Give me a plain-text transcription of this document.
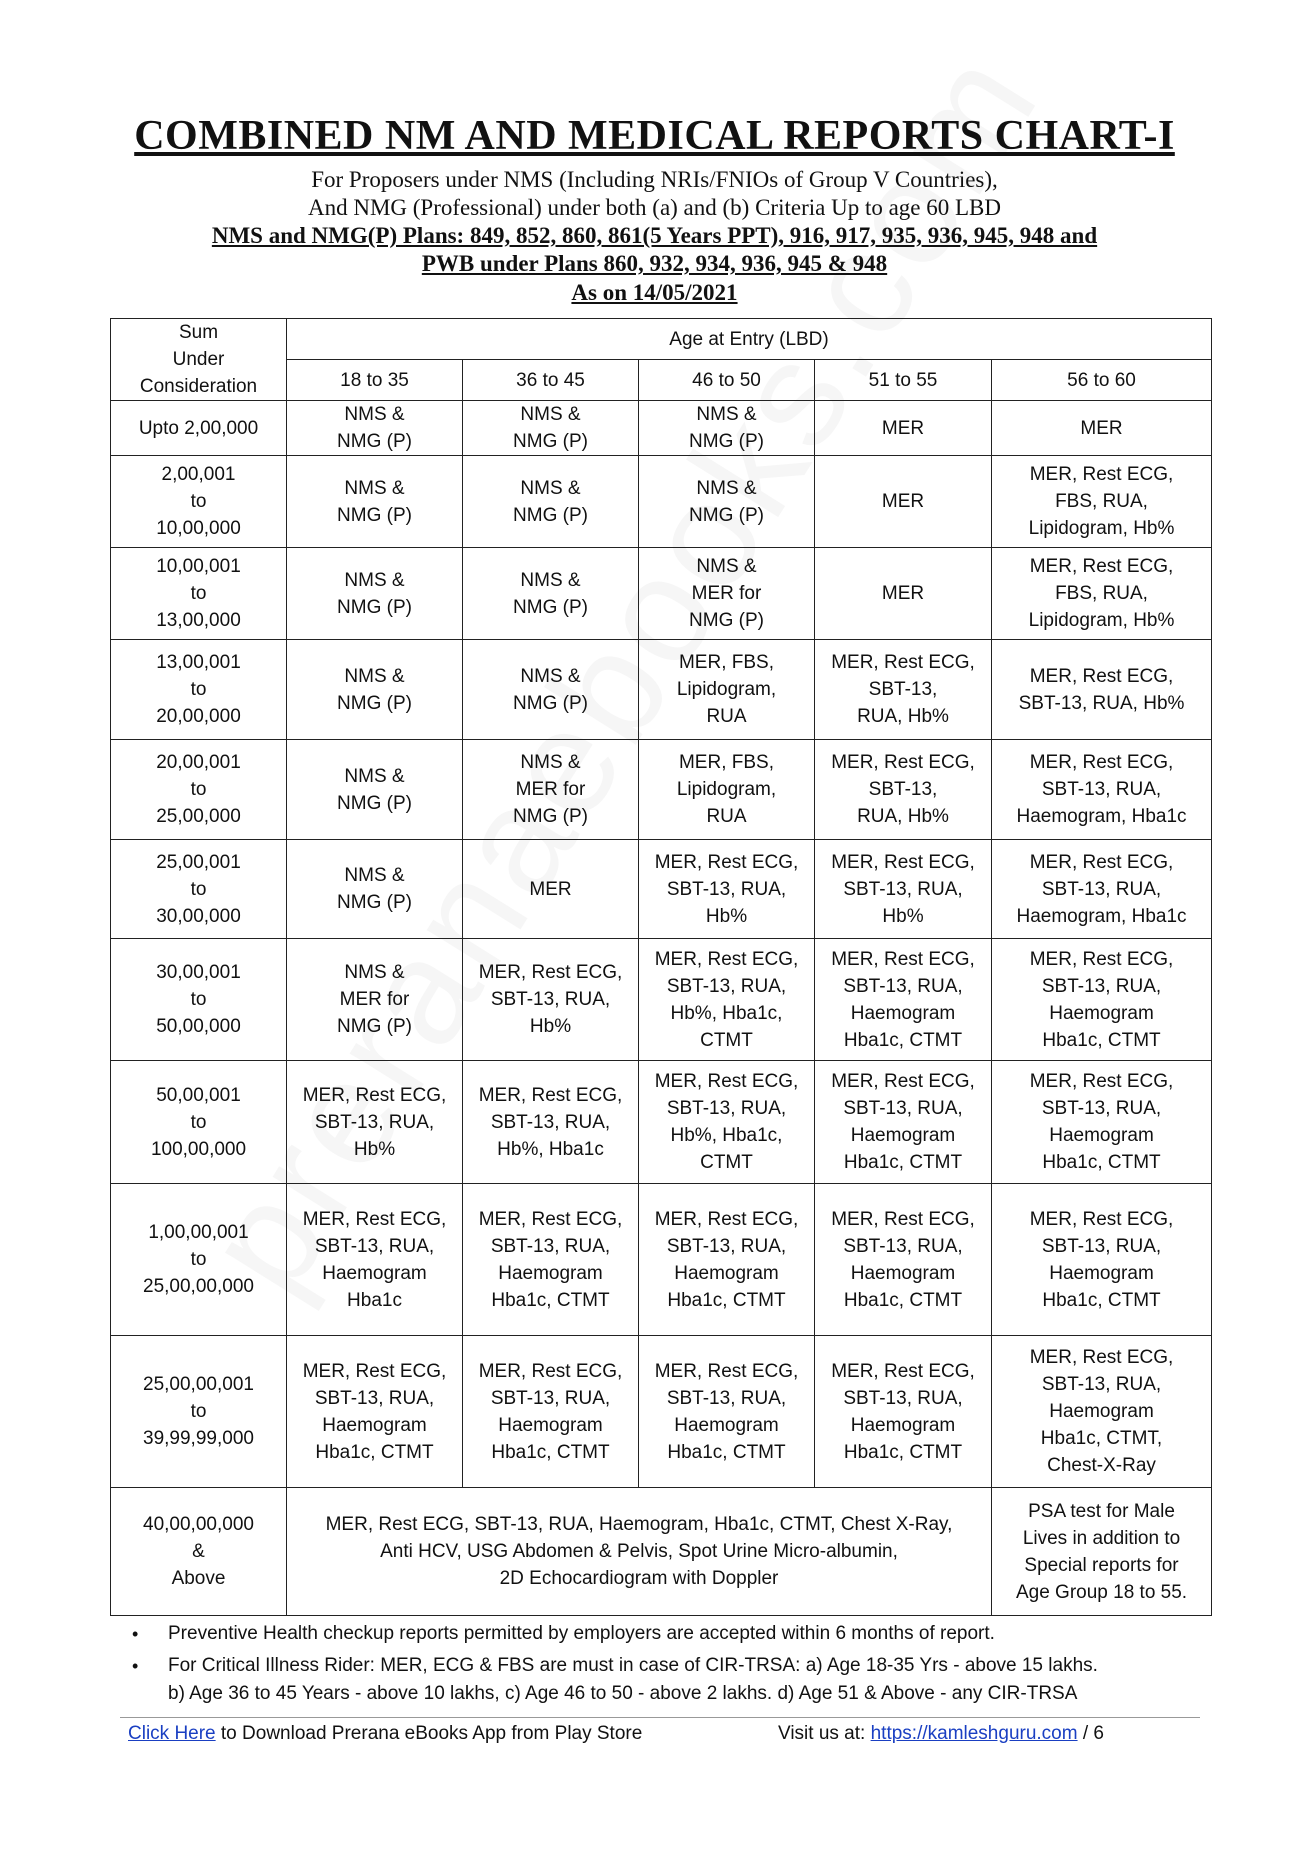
COMBINED NM AND MEDICAL REPORTS CHART-I
For Proposers under NMS (Including NRIs/FNIOs of Group V Countries),
And NMG (Professional) under both (a) and (b) Criteria Up to age 60 LBD
NMS and NMG(P) Plans: 849, 852, 860, 861(5 Years PPT), 916, 917, 935, 936, 945, 948 and
PWB under Plans 860, 932, 934, 936, 945 & 948
As on 14/05/2021
Sum
Under
Consideration	Age at Entry (LBD)				
	18 to 35	36 to 45	46 to 50	51 to 55	56 to 60
Upto 2,00,000	NMS &
NMG (P)	NMS &
NMG (P)	NMS &
NMG (P)	MER	MER
2,00,001
to
10,00,000	NMS &
NMG (P)	NMS &
NMG (P)	NMS &
NMG (P)	MER	MER, Rest ECG,
FBS, RUA,
Lipidogram, Hb%
10,00,001
to
13,00,000	NMS &
NMG (P)	NMS &
NMG (P)	NMS &
MER for
NMG (P)	MER	MER, Rest ECG,
FBS, RUA,
Lipidogram, Hb%
13,00,001
to
20,00,000	NMS &
NMG (P)	NMS &
NMG (P)	MER, FBS,
Lipidogram,
RUA	MER, Rest ECG,
SBT-13,
RUA, Hb%	MER, Rest ECG,
SBT-13, RUA, Hb%
20,00,001
to
25,00,000	NMS &
NMG (P)	NMS &
MER for
NMG (P)	MER, FBS,
Lipidogram,
RUA	MER, Rest ECG,
SBT-13,
RUA, Hb%	MER, Rest ECG,
SBT-13, RUA,
Haemogram, Hba1c
25,00,001
to
30,00,000	NMS &
NMG (P)	MER	MER, Rest ECG,
SBT-13, RUA,
Hb%	MER, Rest ECG,
SBT-13, RUA,
Hb%	MER, Rest ECG,
SBT-13, RUA,
Haemogram, Hba1c
30,00,001
to
50,00,000	NMS &
MER for
NMG (P)	MER, Rest ECG,
SBT-13, RUA,
Hb%	MER, Rest ECG,
SBT-13, RUA,
Hb%, Hba1c,
CTMT	MER, Rest ECG,
SBT-13, RUA,
Haemogram
Hba1c, CTMT	MER, Rest ECG,
SBT-13, RUA,
Haemogram
Hba1c, CTMT
50,00,001
to
100,00,000	MER, Rest ECG,
SBT-13, RUA,
Hb%	MER, Rest ECG,
SBT-13, RUA,
Hb%, Hba1c	MER, Rest ECG,
SBT-13, RUA,
Hb%, Hba1c,
CTMT	MER, Rest ECG,
SBT-13, RUA,
Haemogram
Hba1c, CTMT	MER, Rest ECG,
SBT-13, RUA,
Haemogram
Hba1c, CTMT
1,00,00,001
to
25,00,00,000	MER, Rest ECG,
SBT-13, RUA,
Haemogram
Hba1c	MER, Rest ECG,
SBT-13, RUA,
Haemogram
Hba1c, CTMT	MER, Rest ECG,
SBT-13, RUA,
Haemogram
Hba1c, CTMT	MER, Rest ECG,
SBT-13, RUA,
Haemogram
Hba1c, CTMT	MER, Rest ECG,
SBT-13, RUA,
Haemogram
Hba1c, CTMT
25,00,00,001
to
39,99,99,000	MER, Rest ECG,
SBT-13, RUA,
Haemogram
Hba1c, CTMT	MER, Rest ECG,
SBT-13, RUA,
Haemogram
Hba1c, CTMT	MER, Rest ECG,
SBT-13, RUA,
Haemogram
Hba1c, CTMT	MER, Rest ECG,
SBT-13, RUA,
Haemogram
Hba1c, CTMT	MER, Rest ECG,
SBT-13, RUA,
Haemogram
Hba1c, CTMT,
Chest-X-Ray
40,00,00,000
&
Above	MER, Rest ECG, SBT-13, RUA, Haemogram, Hba1c, CTMT, Chest X-Ray,
Anti HCV, USG Abdomen & Pelvis, Spot Urine Micro-albumin,
2D Echocardiogram with Doppler				PSA test for Male
Lives in addition to
Special reports for
Age Group 18 to 55.
• Preventive Health checkup reports permitted by employers are accepted within 6 months of report.
• For Critical Illness Rider: MER, ECG & FBS are must in case of CIR-TRSA: a) Age 18-35 Yrs - above 15 lakhs.
b) Age 36 to 45 Years - above 10 lakhs, c) Age 46 to 50 - above 2 lakhs. d) Age 51 & Above - any CIR-TRSA
Click Here to Download Prerana eBooks App from Play Store	Visit us at: https://kamleshguru.com / 6
